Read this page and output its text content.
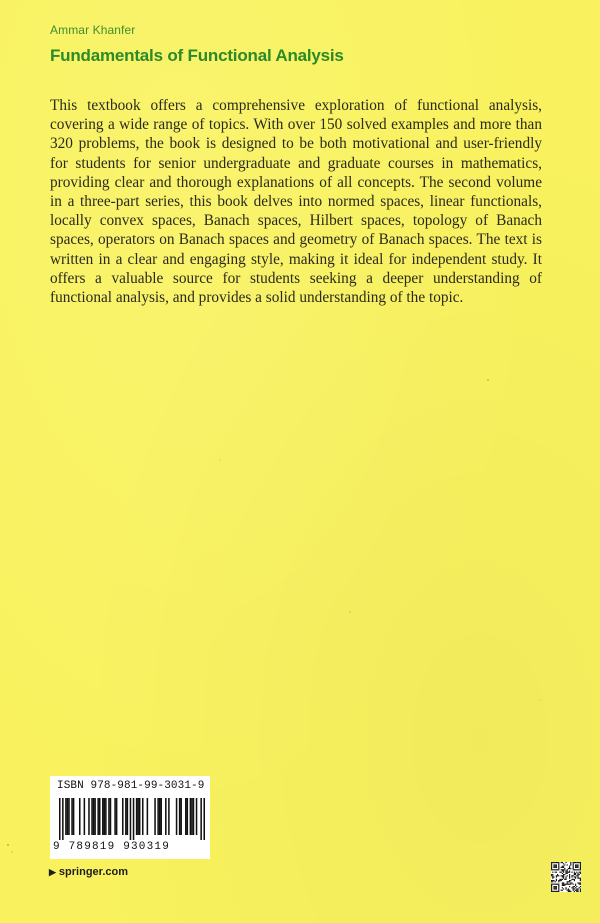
Ammar Khanfer
Fundamentals of Functional Analysis
This textbook offers a comprehensive exploration of functional analysis, covering a wide range of topics. With over 150 solved examples and more than 320 problems, the book is designed to be both motivational and user-friendly for students for senior undergraduate and graduate courses in mathematics, providing clear and thorough explanations of all concepts. The second volume in a three-part series, this book delves into normed spaces, linear functionals, locally convex spaces, Banach spaces, Hilbert spaces, topology of Banach spaces, operators on Banach spaces and geometry of Banach spaces. The text is written in a clear and engaging style, making it ideal for independent study. It offers a valuable source for students seeking a deeper understanding of functional analysis, and provides a solid understanding of the topic.
ISBN 978-981-99-3031-9
9 789819 930319
▶ springer.com
